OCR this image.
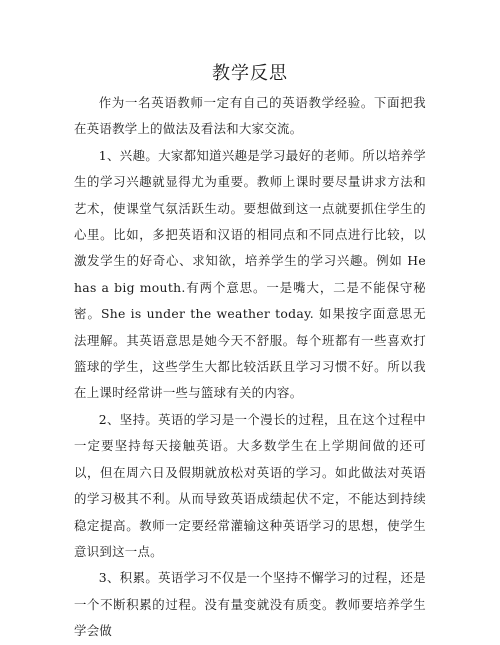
教学反思

作为一名英语教师一定有自己的英语教学经验。下面把我在英语教学上的做法及看法和大家交流。

1、兴趣。大家都知道兴趣是学习最好的老师。所以培养学生的学习兴趣就显得尤为重要。教师上课时要尽量讲求方法和艺术，使课堂气氛活跃生动。要想做到这一点就要抓住学生的心里。比如，多把英语和汉语的相同点和不同点进行比较，以激发学生的好奇心、求知欲，培养学生的学习兴趣。例如 He has a big mouth.有两个意思。一是嘴大，二是不能保守秘密。She is under the weather today. 如果按字面意思无法理解。其英语意思是她今天不舒服。每个班都有一些喜欢打篮球的学生，这些学生大都比较活跃且学习习惯不好。所以我在上课时经常讲一些与篮球有关的内容。

2、坚持。英语的学习是一个漫长的过程，且在这个过程中一定要坚持每天接触英语。大多数学生在上学期间做的还可以，但在周六日及假期就放松对英语的学习。如此做法对英语的学习极其不利。从而导致英语成绩起伏不定，不能达到持续稳定提高。教师一定要经常灌输这种英语学习的思想，使学生意识到这一点。

3、积累。英语学习不仅是一个坚持不懈学习的过程，还是一个不断积累的过程。没有量变就没有质变。教师要培养学生学会做
